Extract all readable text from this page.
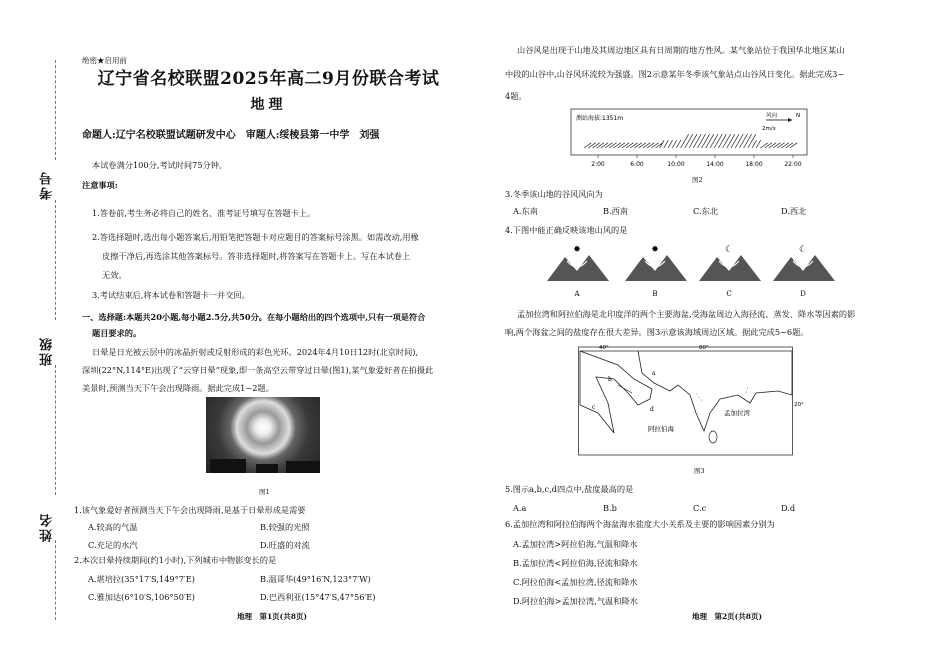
考号
班级
姓名
绝密★启用前
辽宁省名校联盟2025年高二9月份联合考试
地理
命题人:辽宁名校联盟试题研发中心　审题人:绥棱县第一中学　刘强
本试卷满分100分,考试时间75分钟。
注意事项:
1.答卷前,考生务必将自己的姓名、准考证号填写在答题卡上。
2.答选择题时,选出每小题答案后,用铅笔把答题卡对应题目的答案标号涂黑。如需改动,用橡
皮擦干净后,再选涂其他答案标号。答非选择题时,将答案写在答题卡上。写在本试卷上
无效。
3.考试结束后,将本试卷和答题卡一并交回。
一、选择题:本题共20小题,每小题2.5分,共50分。在每小题给出的四个选项中,只有一项是符合
题目要求的。
日晕是日光被云层中的冰晶折射或反射形成的彩色光环。2024年4月10日12时(北京时间),
深圳(22°N,114°E)出现了“云穿日晕”现象,即一条高空云带穿过日晕(图1),某气象爱好者在拍摄此
美景时,预测当天下午会出现降雨。据此完成1~2题。
图1
1.该气象爱好者预测当天下午会出现降雨,是基于日晕形成是需要
A.较高的气温	B.较强的光照
C.充足的水汽	D.旺盛的对流
2.本次日晕持续期间(约1小时),下列城市中物影变长的是
A.堪培拉(35°17′S,149°7′E)	B.温哥华(49°16′N,123°7′W)
C.雅加达(6°10′S,106°50′E)	D.巴西利亚(15°47′S,47°56′E)
地理　第1页(共8页)
山谷风是出现于山地及其周边地区具有日周期的地方性风。某气象站位于我国华北地区某山
中段的山谷中,山谷风环流较为强盛。图2示意某年冬季该气象站点山谷风日变化。据此完成3~
4题。
测站海拔:1351m	风向
2m/s
N
2:00	6:00	10:00	14:00	18:00	22:00
图2
3.冬季该山地的谷风风向为
A.东南	B.西南	C.东北	D.西北
4.下图中能正确反映该地山风的是
✸
A
✸
B
☾
C
☾
D
孟加拉湾和阿拉伯海是北印度洋的两个主要海盆,受海盆周边入海径流、蒸发、降水等因素的影
响,两个海盆之间的盐度存在很大差异。图3示意该海域周边区域。据此完成5~6题。
40°	80°
20°
阿拉伯海
孟加拉湾
a
b
c	d
图3
5.图示a,b,c,d四点中,盐度最高的是
A.a	B.b	C.c	D.d
6.孟加拉湾和阿拉伯海两个海盆海水盐度大小关系及主要的影响因素分别为
A.孟加拉湾>阿拉伯海,气温和降水
B.孟加拉湾<阿拉伯海,径流和降水
C.阿拉伯海<孟加拉湾,径流和降水
D.阿拉伯海>孟加拉湾,气温和降水
地理　第2页(共8页)
